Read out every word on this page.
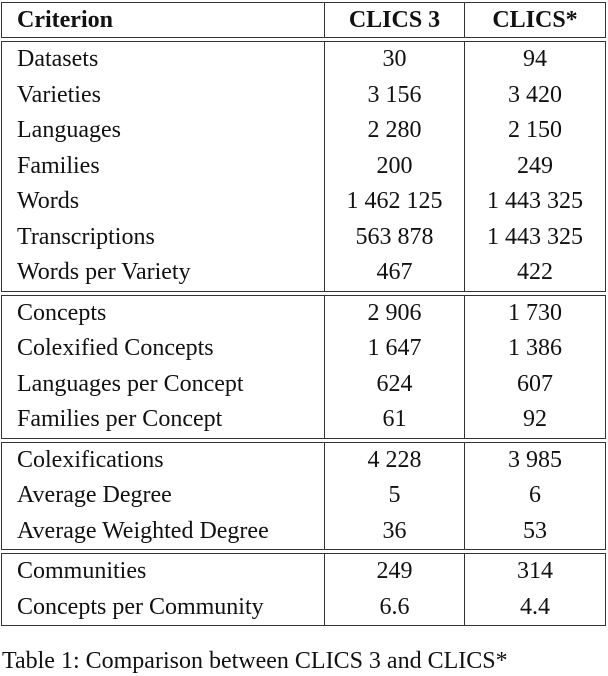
Criterion	CLICS 3	CLICS*
Datasets	30	94
Varieties	3 156	3 420
Languages	2 280	2 150
Families	200	249
Words	1 462 125	1 443 325
Transcriptions	563 878	1 443 325
Words per Variety	467	422
Concepts	2 906	1 730
Colexified Concepts	1 647	1 386
Languages per Concept	624	607
Families per Concept	61	92
Colexifications	4 228	3 985
Average Degree	5	6
Average Weighted Degree	36	53
Communities	249	314
Concepts per Community	6.6	4.4
Table 1: Comparison between CLICS 3 and CLICS*
